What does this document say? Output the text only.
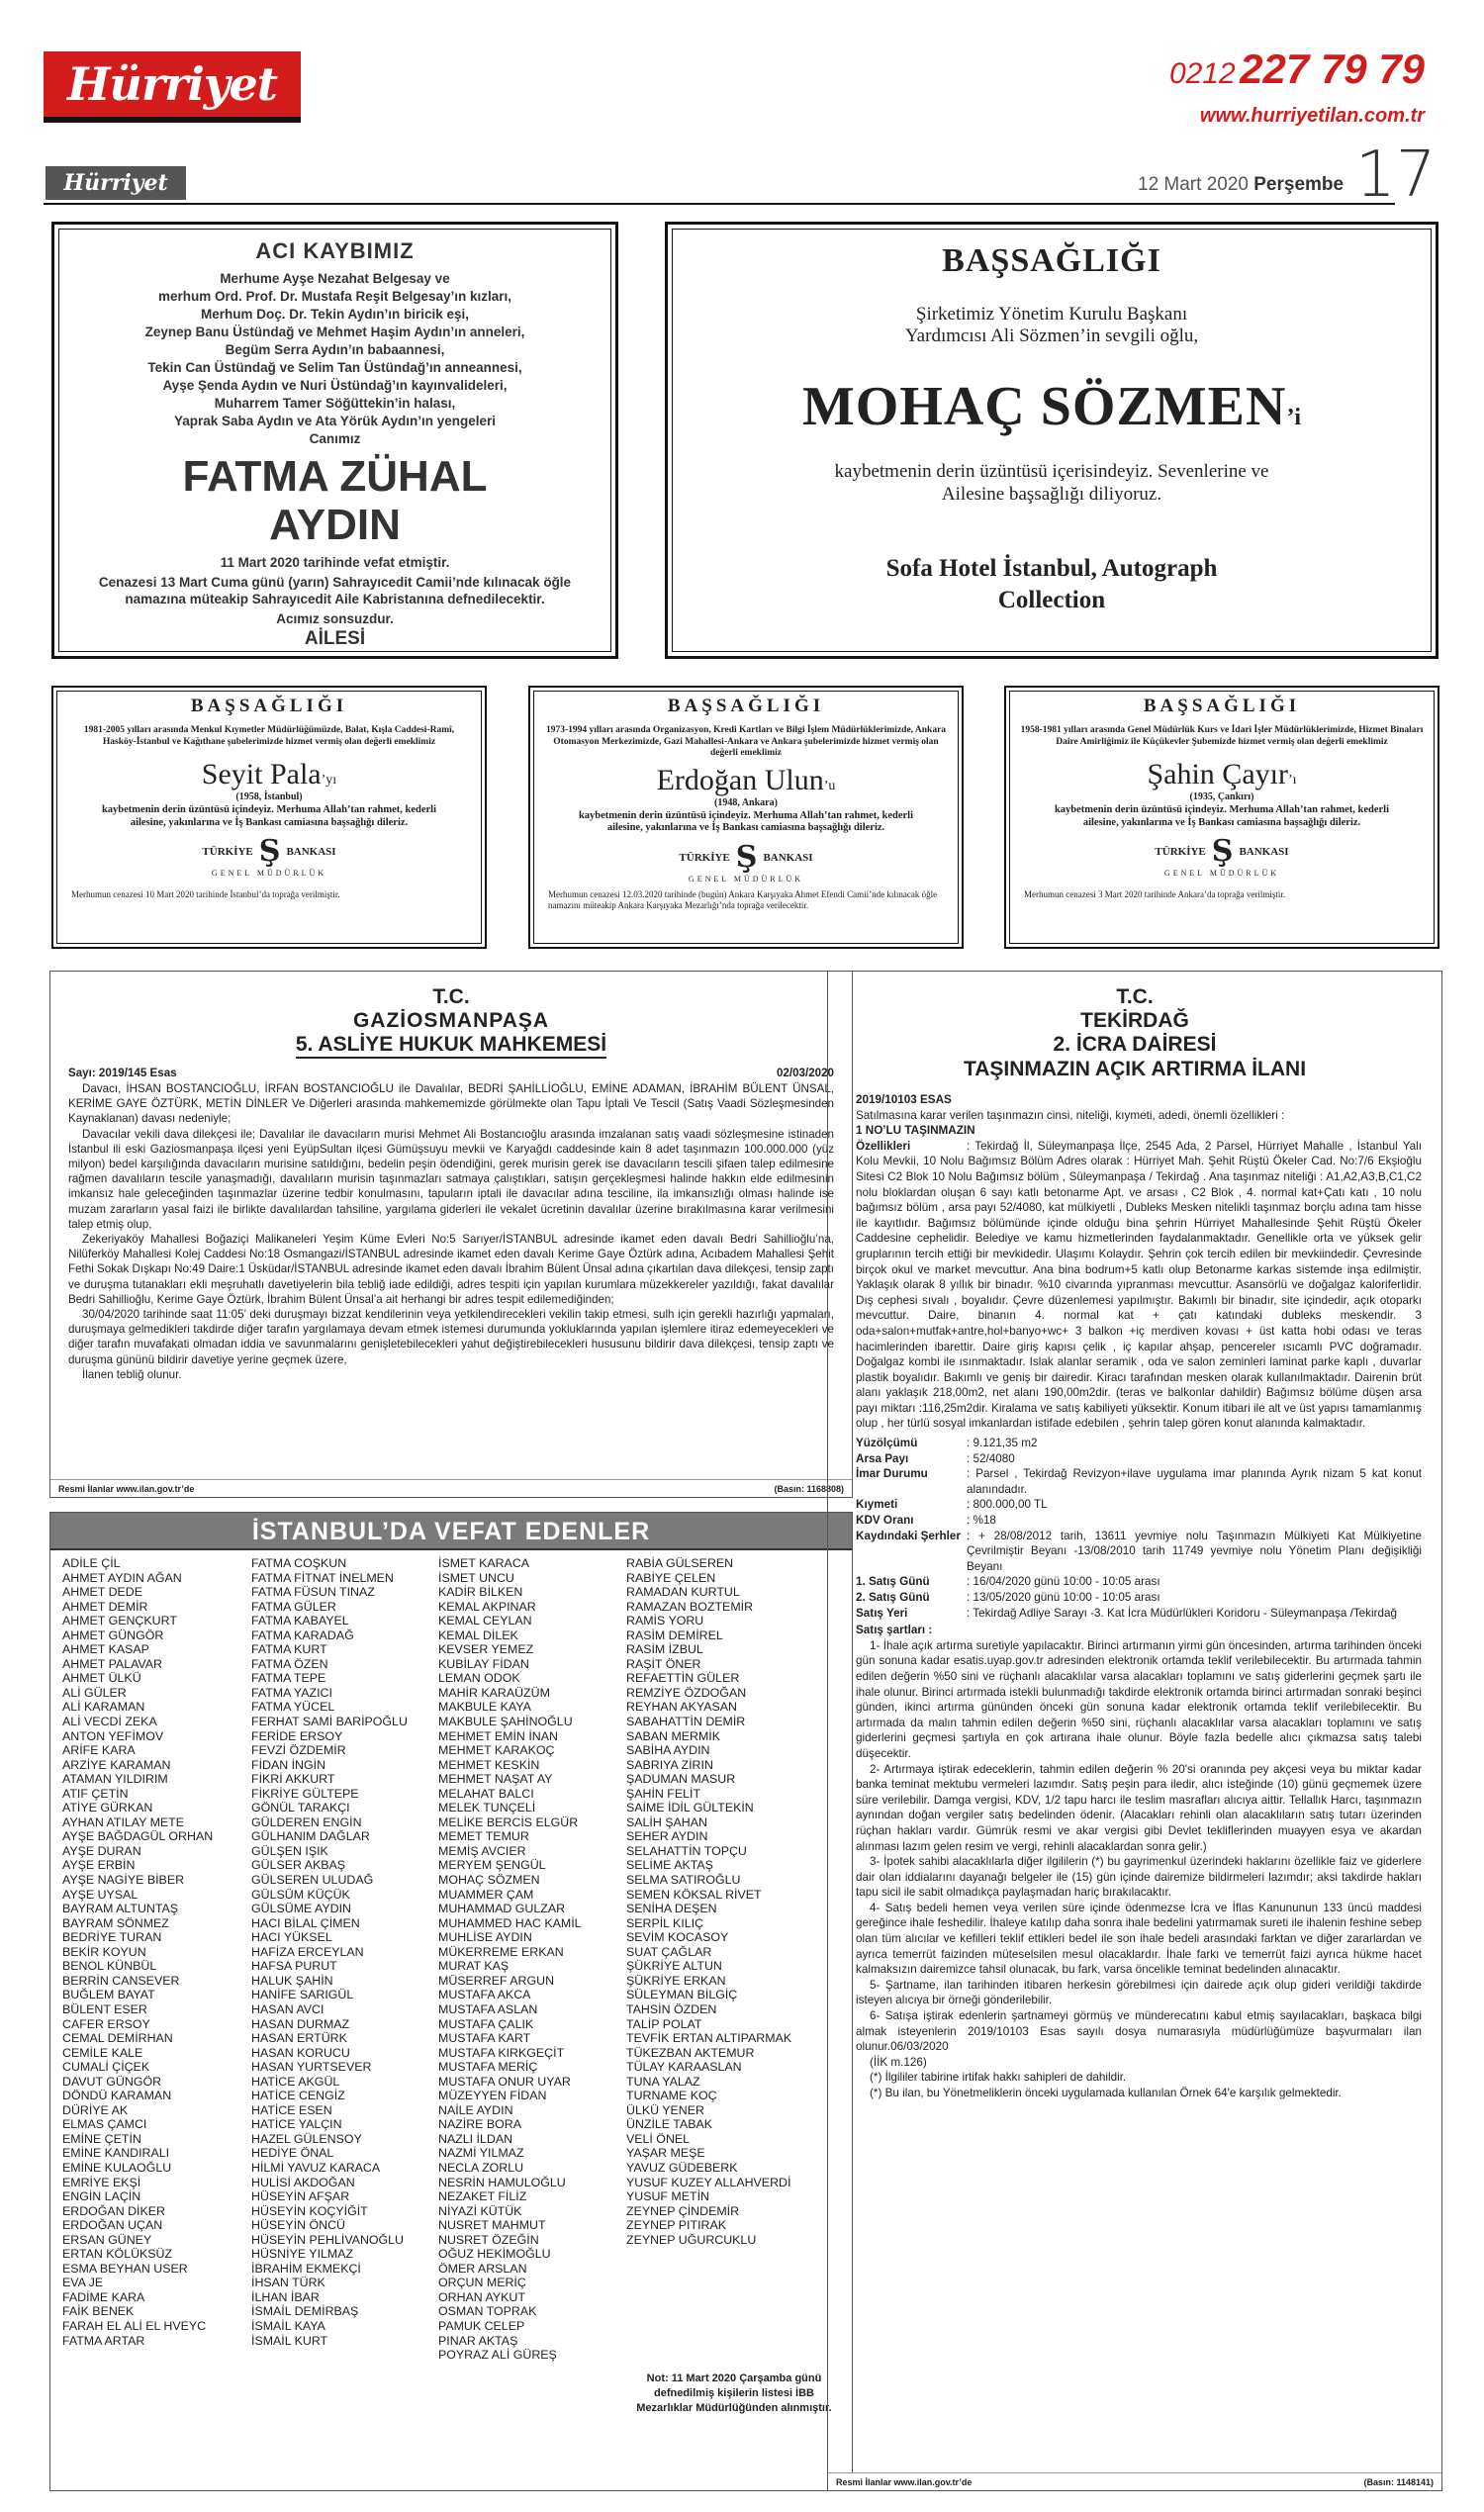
Hürriyet	0212 227 79 79
www.hurriyetilan.com.tr
Hürriyet	12 Mart 2020 Perşembe 17
ACI KAYBIMIZ
Merhume Ayşe Nezahat Belgesay ve
merhum Ord. Prof. Dr. Mustafa Reşit Belgesay’ın kızları,
Merhum Doç. Dr. Tekin Aydın’ın biricik eşi,
Zeynep Banu Üstündağ ve Mehmet Haşim Aydın’ın anneleri,
Begüm Serra Aydın’ın babaannesi,
Tekin Can Üstündağ ve Selim Tan Üstündağ’ın anneannesi,
Ayşe Şenda Aydın ve Nuri Üstündağ’ın kayınvalideleri,
Muharrem Tamer Söğüttekin’in halası,
Yaprak Saba Aydın ve Ata Yörük Aydın’ın yengeleri
Canımız
FATMA ZÜHAL
AYDIN
11 Mart 2020 tarihinde vefat etmiştir.
Cenazesi 13 Mart Cuma günü (yarın) Sahrayıcedit Camii’nde kılınacak öğle namazına müteakip Sahrayıcedit Aile Kabristanına defnedilecektir.
Acımız sonsuzdur.
AİLESİ
BAŞSAĞLIĞI
Şirketimiz Yönetim Kurulu Başkanı
Yardımcısı Ali Sözmen’in sevgili oğlu,
MOHAÇ SÖZMEN’i
kaybetmenin derin üzüntüsü içerisindeyiz. Sevenlerine ve Ailesine başsağlığı diliyoruz.
Sofa Hotel İstanbul, Autograph Collection
BAŞSAĞLIĞI
1981-2005 yılları arasında Menkul Kıymetler Müdürlüğümüzde, Balat, Kışla Caddesi-Ramî, Hasköy-İstanbul ve Kağıthane şubelerimizde hizmet vermiş olan değerli emeklimiz
Seyit Pala’yı
(1958, İstanbul)
kaybetmenin derin üzüntüsü içindeyiz. Merhuma Allah’tan rahmet, kederli ailesine, yakınlarına ve İş Bankası camiasına başsağlığı dileriz.
TÜRKİYE Ş BANKASI
GENEL MÜDÜRLÜK
Merhumun cenazesi 10 Mart 2020 tarihinde İstanbul’da toprağa verilmiştir.
BAŞSAĞLIĞI
1973-1994 yılları arasında Organizasyon, Kredi Kartları ve Bilgi İşlem Müdürlüklerimizde, Ankara Otomasyon Merkezimizde, Gazi Mahallesi-Ankara ve Ankara şubelerimizde hizmet vermiş olan değerli emeklimiz
Erdoğan Ulun’u
(1948, Ankara)
kaybetmenin derin üzüntüsü içindeyiz. Merhuma Allah’tan rahmet, kederli ailesine, yakınlarına ve İş Bankası camiasına başsağlığı dileriz.
TÜRKİYE Ş BANKASI
GENEL MÜDÜRLÜK
Merhumun cenazesi 12.03.2020 tarihinde (bugün) Ankara Karşıyaka Ahmet Efendi Camii’nde kılınacak öğle namazını müteakip Ankara Karşıyaka Mezarlığı’nda toprağa verilecektir.
BAŞSAĞLIĞI
1958-1981 yılları arasında Genel Müdürlük Kurs ve İdari İşler Müdürlüklerimizde, Hizmet Binaları Daire Amirliğimiz ile Küçükevler Şubemizde hizmet vermiş olan değerli emeklimiz
Şahin Çayır’ı
(1935, Çankırı)
kaybetmenin derin üzüntüsü içindeyiz. Merhuma Allah’tan rahmet, kederli ailesine, yakınlarına ve İş Bankası camiasına başsağlığı dileriz.
TÜRKİYE Ş BANKASI
GENEL MÜDÜRLÜK
Merhumun cenazesi 3 Mart 2020 tarihinde Ankara’da toprağa verilmiştir.
T.C.
GAZİOSMANPAŞA
5. ASLİYE HUKUK MAHKEMESİ
Sayı: 2019/145 Esas	02/03/2020

Davacı, İHSAN BOSTANCIOĞLU, İRFAN BOSTANCIOĞLU ile Davalılar, BEDRİ ŞAHİLLİOĞLU, EMİNE ADAMAN, İBRAHİM BÜLENT ÜNSAL, KERİME GAYE ÖZTÜRK, METİN DİNLER Ve Diğerleri arasında mahkememizde görülmekte olan Tapu İptali Ve Tescil (Satış Vaadi Sözleşmesinden Kaynaklanan) davası nedeniyle;

Davacılar vekili dava dilekçesi ile; Davalılar ile davacıların murisi Mehmet Ali Bostancıoğlu arasında imzalanan satış vaadi sözleşmesine istinaden İstanbul ili eski Gaziosmanpaşa ilçesi yeni EyüpSultan ilçesi Gümüşsuyu mevkii ve Karyağdı caddesinde kain 8 adet taşınmazın 100.000.000 (yüz milyon) bedel karşılığında davacıların murisine satıldığını, bedelin peşin ödendiğini, gerek murisin gerek ise davacıların tescili şifaen talep edilmesine rağmen davalıların tescile yanaşmadığı, davalıların murisin taşınmazları satmaya çalıştıkları, satışın gerçekleşmesi halinde hakkın elde edilmesinin imkansız hale geleceğinden taşınmazlar üzerine tedbir konulmasını, tapuların iptali ile davacılar adına tesciline, ila imkansızlığı olması halinde ise muzam zararların yasal faizi ile birlikte davalılardan tahsiline, yargılama giderleri ile vekalet ücretinin davalılar üzerine bırakılmasına karar verilmesini talep etmiş olup,

Zekeriyaköy Mahallesi Boğaziçi Malikaneleri Yeşim Küme Evleri No:5 Sarıyer/İSTANBUL adresinde ikamet eden davalı Bedri Sahillioğlu’na, Nilüferköy Mahallesi Kolej Caddesi No:18 Osmangazi/İSTANBUL adresinde ikamet eden davalı Kerime Gaye Öztürk adına, Acıbadem Mahallesi Şehit Fethi Sokak Dışkapı No:49 Daire:1 Üsküdar/İSTANBUL adresinde ikamet eden davalı İbrahim Bülent Ünsal adına çıkartılan dava dilekçesi, tensip zaptı ve duruşma tutanakları ekli meşruhatlı davetiyelerin bila tebliğ iade edildiği, adres tespiti için yapılan kurumlara müzekkereler yazıldığı, fakat davalılar Bedri Sahillioğlu, Kerime Gaye Öztürk, İbrahim Bülent Ünsal’a ait herhangi bir adres tespit edilemediğinden;

30/04/2020 tarihinde saat 11:05’ deki duruşmayı bizzat kendilerinin veya yetkilendirecekleri vekilin takip etmesi, sulh için gerekli hazırlığı yapmaları, duruşmaya gelmedikleri takdirde diğer tarafın yargılamaya devam etmek istemesi durumunda yokluklarında yapılan işlemlere itiraz edemeyecekleri ve diğer tarafın muvafakati olmadan iddia ve savunmalarını genişletebilecekleri yahut değiştirebilecekleri hususunu bildirir dava dilekçesi, tensip zaptı ve duruşma gününü bildirir davetiye yerine geçmek üzere,

İlanen tebliğ olunur.

Resmi İlanlar www.ilan.gov.tr’de	(Basın: 1168808)
İSTANBUL’DA VEFAT EDENLER
ADİLE ÇİL
AHMET AYDIN AĞAN
AHMET DEDE
AHMET DEMİR
AHMET GENÇKURT
AHMET GÜNGÖR
AHMET KASAP
AHMET PALAVAR
AHMET ÜLKÜ
ALİ GÜLER
ALİ KARAMAN
ALİ VECDİ ZEKA
ANTON YEFİMOV
ARİFE KARA
ARZİYE KARAMAN
ATAMAN YILDIRIM
ATIF ÇETİN
ATİYE GÜRKAN
AYHAN ATILAY METE
AYŞE BAĞDAGÜL ORHAN
AYŞE DURAN
AYŞE ERBİN
AYŞE NAGİYE BİBER
AYŞE UYSAL
BAYRAM ALTUNTAŞ
BAYRAM SÖNMEZ
BEDRİYE TURAN
BEKİR KOYUN
BENOL KÜNBÜL
BERRİN CANSEVER
BUĞLEM BAYAT
BÜLENT ESER
CAFER ERSOY
CEMAL DEMİRHAN
CEMİLE KALE
CUMALİ ÇİÇEK
DAVUT GÜNGÖR
DÖNDÜ KARAMAN
DÜRİYE AK
ELMAS ÇAMCI
EMİNE ÇETİN
EMİNE KANDIRALI
EMİNE KULAOĞLU
EMRİYE EKŞİ
ENGİN LAÇİN
ERDOĞAN DİKER
ERDOĞAN UÇAN
ERSAN GÜNEY
ERTAN KÖLÜKSÜZ
ESMA BEYHAN USER
EVA JE
FADİME KARA
FAİK BENEK
FARAH EL ALİ EL HVEYC
FATMA ARTAR
FATMA COŞKUN
FATMA FİTNAT İNELMEN
FATMA FÜSUN TINAZ
FATMA GÜLER
FATMA KABAYEL
FATMA KARADAĞ
FATMA KURT
FATMA ÖZEN
FATMA TEPE
FATMA YAZICI
FATMA YÜCEL
FERHAT SAMİ BARİPOĞLU
FERİDE ERSOY
FEVZİ ÖZDEMİR
FİDAN İNGİN
FİKRİ AKKURT
FİKRİYE GÜLTEPE
GÖNÜL TARAKÇI
GÜLDEREN ENGİN
GÜLHANIM DAĞLAR
GÜLŞEN IŞIK
GÜLSER AKBAŞ
GÜLSEREN ULUDAĞ
GÜLSÜM KÜÇÜK
GÜLSÜME AYDIN
HACI BİLAL ÇİMEN
HACI YÜKSEL
HAFİZA ERCEYLAN
HAFSA PURUT
HALUK ŞAHİN
HANİFE SARIGÜL
HASAN AVCI
HASAN DURMAZ
HASAN ERTÜRK
HASAN KORUCU
HASAN YURTSEVER
HATİCE AKGÜL
HATİCE CENGİZ
HATİCE ESEN
HATİCE YALÇIN
HAZEL GÜLENSOY
HEDİYE ÖNAL
HİLMİ YAVUZ KARACA
HULİSİ AKDOĞAN
HÜSEYİN AFŞAR
HÜSEYİN KOÇYİĞİT
HÜSEYİN ÖNCÜ
HÜSEYİN PEHLİVANOĞLU
HÜSNİYE YILMAZ
İBRAHİM EKMEKÇİ
İHSAN TÜRK
İLHAN İBAR
İSMAİL DEMİRBAŞ
İSMAİL KAYA
İSMAİL KURT
İSMET KARACA
İSMET UNCU
KADİR BİLKEN
KEMAL AKPINAR
KEMAL CEYLAN
KEMAL DİLEK
KEVSER YEMEZ
KUBİLAY FİDAN
LEMAN ODOK
MAHİR KARAÜZÜM
MAKBULE KAYA
MAKBULE ŞAHİNOĞLU
MEHMET EMİN İNAN
MEHMET KARAKOÇ
MEHMET KESKİN
MEHMET NAŞAT AY
MELAHAT BALCI
MELEK TUNÇELİ
MELİKE BERCİS ELGÜR
MEMET TEMUR
MEMİŞ AVCIER
MERYEM ŞENGÜL
MOHAÇ SÖZMEN
MUAMMER ÇAM
MUHAMMAD GULZAR
MUHAMMED HAC KAMİL
MUHLİSE AYDIN
MÜKERREME ERKAN
MURAT KAŞ
MÜSERREF ARGUN
MUSTAFA AKCA
MUSTAFA ASLAN
MUSTAFA ÇALIK
MUSTAFA KART
MUSTAFA KIRKGEÇİT
MUSTAFA MERİÇ
MUSTAFA ONUR UYAR
MÜZEYYEN FİDAN
NAİLE AYDIN
NAZİRE BORA
NAZLI İLDAN
NAZMİ YILMAZ
NECLA ZORLU
NESRİN HAMULOĞLU
NEZAKET FİLİZ
NİYAZİ KÜTÜK
NUSRET MAHMUT
NUSRET ÖZEĞİN
OĞUZ HEKİMOĞLU
ÖMER ARSLAN
ORÇUN MERİÇ
ORHAN AYKUT
OSMAN TOPRAK
PAMUK CELEP
PINAR AKTAŞ
POYRAZ ALİ GÜREŞ
RABİA GÜLSEREN
RABİYE ÇELEN
RAMADAN KURTUL
RAMAZAN BOZTEMİR
RAMİS YORU
RASİM DEMİREL
RASİM İZBUL
RAŞİT ÖNER
REFAETTİN GÜLER
REMZİYE ÖZDOĞAN
REYHAN AKYASAN
SABAHATTİN DEMİR
SABAN MERMİK
SABİHA AYDIN
SABRIYA ZİRIN
ŞADUMAN MASUR
ŞAHİN FELİT
SAİME İDİL GÜLTEKİN
SALİH ŞAHAN
SEHER AYDIN
SELAHATTİN TOPÇU
SELİME AKTAŞ
SELMA SATIROĞLU
SEMEN KÖKSAL RİVET
SENİHA DEŞEN
SERPİL KILIÇ
SEVİM KOCASOY
SUAT ÇAĞLAR
ŞÜKRİYE ALTUN
ŞÜKRİYE ERKAN
SÜLEYMAN BİLGİÇ
TAHSİN ÖZDEN
TALİP POLAT
TEVFİK ERTAN ALTIPARMAK
TÜKEZBAN AKTEMUR
TÜLAY KARAASLAN
TUNA YALAZ
TURNAME KOÇ
ÜLKÜ YENER
ÜNZİLE TABAK
VELİ ÖNEL
YAŞAR MEŞE
YAVUZ GÜDEBERK
YUSUF KUZEY ALLAHVERDİ
YUSUF METİN
ZEYNEP ÇİNDEMİR
ZEYNEP PITIRAK
ZEYNEP UĞURCUKLU
Not: 11 Mart 2020 Çarşamba günü defnedilmiş kişilerin listesi İBB Mezarlıklar Müdürlüğünden alınmıştır.
T.C.
TEKİRDAĞ
2. İCRA DAİRESİ
TAŞINMAZIN AÇIK ARTIRMA İLANI
2019/10103 ESAS
Satılmasına karar verilen taşınmazın cinsi, niteliği, kıymeti, adedi, önemli özellikleri :
1 NO’LU TAŞINMAZIN
Özellikleri	: Tekirdağ İl, Süleymanpaşa İlçe, 2545 Ada, 2 Parsel, Hürriyet Mahalle , İstanbul Yalı Kolu Mevkii, 10 Nolu Bağımsız Bölüm Adres olarak : Hürriyet Mah. Şehit Rüştü Ökeler Cad. No:7/6 Ekşioğlu Sitesi C2 Blok 10 Nolu Bağımsız bölüm , Süleymanpaşa / Tekirdağ . Ana taşınmaz niteliği : A1,A2,A3,B,C1,C2 nolu bloklardan oluşan 6 sayı katlı betonarme Apt. ve arsası , C2 Blok , 4. normal kat+Çatı katı , 10 nolu bağımsız bölüm , arsa payı 52/4080, kat mülkiyetli , Dubleks Mesken nitelikli taşınmaz borçlu adına tam hisse ile kayıtlıdır. Bağımsız bölümünde içinde olduğu bina şehrin Hürriyet Mahallesinde Şehit Rüştü Ökeler Caddesine cephelidir. Belediye ve kamu hizmetlerinden faydalanmaktadır. Genellikle orta ve yüksek gelir gruplarının tercih ettiği bir mevkidedir. Ulaşımı Kolaydır. Şehrin çok tercih edilen bir mevkiindedir. Çevresinde birçok okul ve market mevcuttur. Ana bina bodrum+5 katlı olup Betonarme karkas sistemde inşa edilmiştir. Yaklaşık olarak 8 yıllık bir binadır. %10 civarında yıpranması mevcuttur. Asansörlü ve doğalgaz kaloriferlidir. Dış cephesi sıvalı , boyalıdır. Çevre düzenlemesi yapılmıştır. Bakımlı bir binadır, site içindedir, açık otoparkı mevcuttur. Daire, binanın 4. normal kat + çatı katındaki dubleks meskendir. 3 oda+salon+mutfak+antre,hol+banyo+wc+ 3 balkon +iç merdiven kovası + üst katta hobi odası ve teras hacimlerinden ibarettir. Daire giriş kapısı çelik , iç kapılar ahşap, pencereler ısıcamlı PVC doğramadır. Doğalgaz kombi ile ısınmaktadır. Islak alanlar seramik , oda ve salon zeminleri laminat parke kaplı , duvarlar plastik boyalıdır. Bakımlı ve geniş bir dairedir. Kiracı tarafından mesken olarak kullanılmaktadır. Dairenin brüt alanı yaklaşık 218,00m2, net alanı 190,00m2dir. (teras ve balkonlar dahildir) Bağımsız bölüme düşen arsa payı miktarı :116,25m2dir. Kiralama ve satış kabiliyeti yüksektir. Konum itibari ile alt ve üst yapısı tamamlanmış olup , her türlü sosyal imkanlardan istifade edebilen , şehrin talep gören konut alanında kalmaktadır.
Yüzölçümü	: 9.121,35 m2
Arsa Payı	: 52/4080
İmar Durumu	: Parsel , Tekirdağ Revizyon+ilave uygulama imar planında Ayrık nizam 5 kat konut alanındadır.
Kıymeti	: 800.000,00 TL
KDV Oranı	: %18
Kaydındaki Şerhler : + 28/08/2012 tarih, 13611 yevmiye nolu Taşınmazın Mülkiyeti Kat Mülkiyetine Çevrilmiştir Beyanı -13/08/2010 tarih 11749 yevmiye nolu Yönetim Planı değişikliği Beyanı
1. Satış Günü	: 16/04/2020 günü 10:00 - 10:05 arası
2. Satış Günü	: 13/05/2020 günü 10:00 - 10:05 arası
Satış Yeri	: Tekirdağ Adliye Sarayı -3. Kat İcra Müdürlükleri Koridoru - Süleymanpaşa /Tekirdağ
Satış şartları :
1- İhale açık artırma suretiyle yapılacaktır. Birinci artırmanın yirmi gün öncesinden, artırma tarihinden önceki gün sonuna kadar esatis.uyap.gov.tr adresinden elektronik ortamda teklif verilebilecektir. Bu artırmada tahmin edilen değerin %50 sini ve rüçhanlı alacaklılar varsa alacakları toplamını ve satış giderlerini geçmek şartı ile ihale olunur. Birinci artırmada istekli bulunmadığı takdirde elektronik ortamda birinci artırmadan sonraki beşinci günden, ikinci artırma gününden önceki gün sonuna kadar elektronik ortamda teklif verilebilecektir. Bu artırmada da malın tahmin edilen değerin %50 sini, rüçhanlı alacaklılar varsa alacakları toplamını ve satış giderlerini geçmesi şartıyla en çok artırana ihale olunur. Böyle fazla bedelle alıcı çıkmazsa satış talebi düşecektir.
2- Artırmaya iştirak edeceklerin, tahmin edilen değerin % 20'si oranında pey akçesi veya bu miktar kadar banka teminat mektubu vermeleri lazımdır. Satış peşin para iledir, alıcı isteğinde (10) günü geçmemek üzere süre verilebilir. Damga vergisi, KDV, 1/2 tapu harcı ile teslim masrafları alıcıya aittir. Tellallık Harcı, taşınmazın aynından doğan vergiler satış bedelinden ödenir. (Alacakları rehinli olan alacaklıların satış tutarı üzerinden rüçhan hakları vardır. Gümrük resmi ve akar vergisi gibi Devlet tekliflerinden muayyen esya ve akardan alınması lazım gelen resim ve vergi, rehinli alacaklardan sonra gelir.)
3- İpotek sahibi alacaklılarla diğer ilgililerin (*) bu gayrimenkul üzerindeki haklarını özellikle faiz ve giderlere dair olan iddialarını dayanağı belgeler ile (15) gün içinde dairemize bildirmeleri lazımdır; aksi takdirde hakları tapu sicil ile sabit olmadıkça paylaşmadan hariç bırakılacaktır.
4- Satış bedeli hemen veya verilen süre içinde ödenmezse İcra ve İflas Kanununun 133 üncü maddesi gereğince ihale feshedilir. İhaleye katılıp daha sonra ihale bedelini yatırmamak sureti ile ihalenin feshine sebep olan tüm alıcılar ve kefilleri teklif ettikleri bedel ile son ihale bedeli arasındaki farktan ve diğer zararlardan ve ayrıca temerrüt faizinden müteselsilen mesul olacaklardır. İhale farkı ve temerrüt faizi ayrıca hükme hacet kalmaksızın dairemizce tahsil olunacak, bu fark, varsa öncelikle teminat bedelinden alınacaktır.
5- Şartname, ilan tarihinden itibaren herkesin görebilmesi için dairede açık olup gideri verildiği takdirde isteyen alıcıya bir örneği gönderilebilir.
6- Satışa iştirak edenlerin şartnameyi görmüş ve münderecatını kabul etmiş sayılacakları, başkaca bilgi almak isteyenlerin 2019/10103 Esas sayılı dosya numarasıyla müdürlüğümüze başvurmaları ilan olunur.06/03/2020
(İİK m.126)
(*) İlgililer tabirine irtifak hakkı sahipleri de dahildir.
(*) Bu ilan, bu Yönetmeliklerin önceki uygulamada kullanılan Örnek 64'e karşılık gelmektedir.
Resmi İlanlar www.ilan.gov.tr’de	(Basın: 1148141)
